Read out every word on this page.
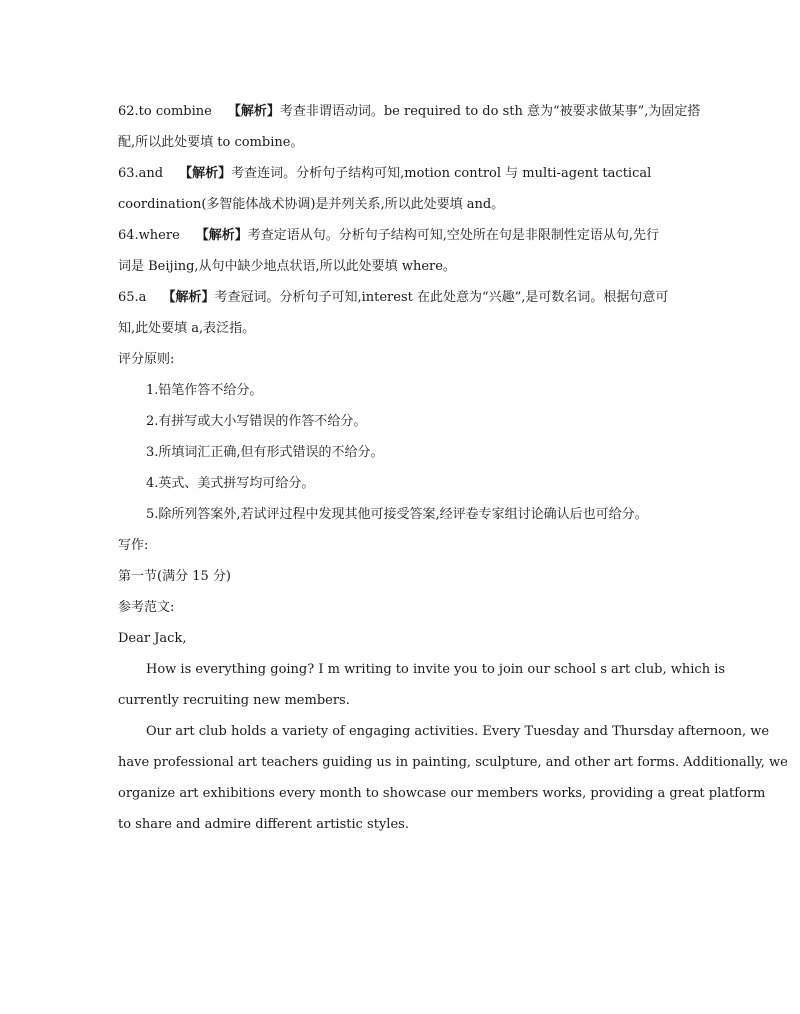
62.to combine 【解析】考查非谓语动词。be required to do sth 意为“被要求做某事”,为固定搭
配,所以此处要填 to combine。
63.and 【解析】考查连词。分析句子结构可知,motion control 与 multi-agent tactical
coordination(多智能体战术协调)是并列关系,所以此处要填 and。
64.where 【解析】考查定语从句。分析句子结构可知,空处所在句是非限制性定语从句,先行
词是 Beijing,从句中缺少地点状语,所以此处要填 where。
65.a 【解析】考查冠词。分析句子可知,interest 在此处意为“兴趣”,是可数名词。根据句意可
知,此处要填 a,表泛指。
评分原则:
1.铅笔作答不给分。
2.有拼写或大小写错误的作答不给分。
3.所填词汇正确,但有形式错误的不给分。
4.英式、美式拼写均可给分。
5.除所列答案外,若试评过程中发现其他可接受答案,经评卷专家组讨论确认后也可给分。
写作:
第一节(满分 15 分)
参考范文:
Dear Jack,
How is everything going? I m writing to invite you to join our school s art club, which is
currently recruiting new members.
Our art club holds a variety of engaging activities. Every Tuesday and Thursday afternoon, we
have professional art teachers guiding us in painting, sculpture, and other art forms. Additionally, we
organize art exhibitions every month to showcase our members works, providing a great platform
to share and admire different artistic styles.
